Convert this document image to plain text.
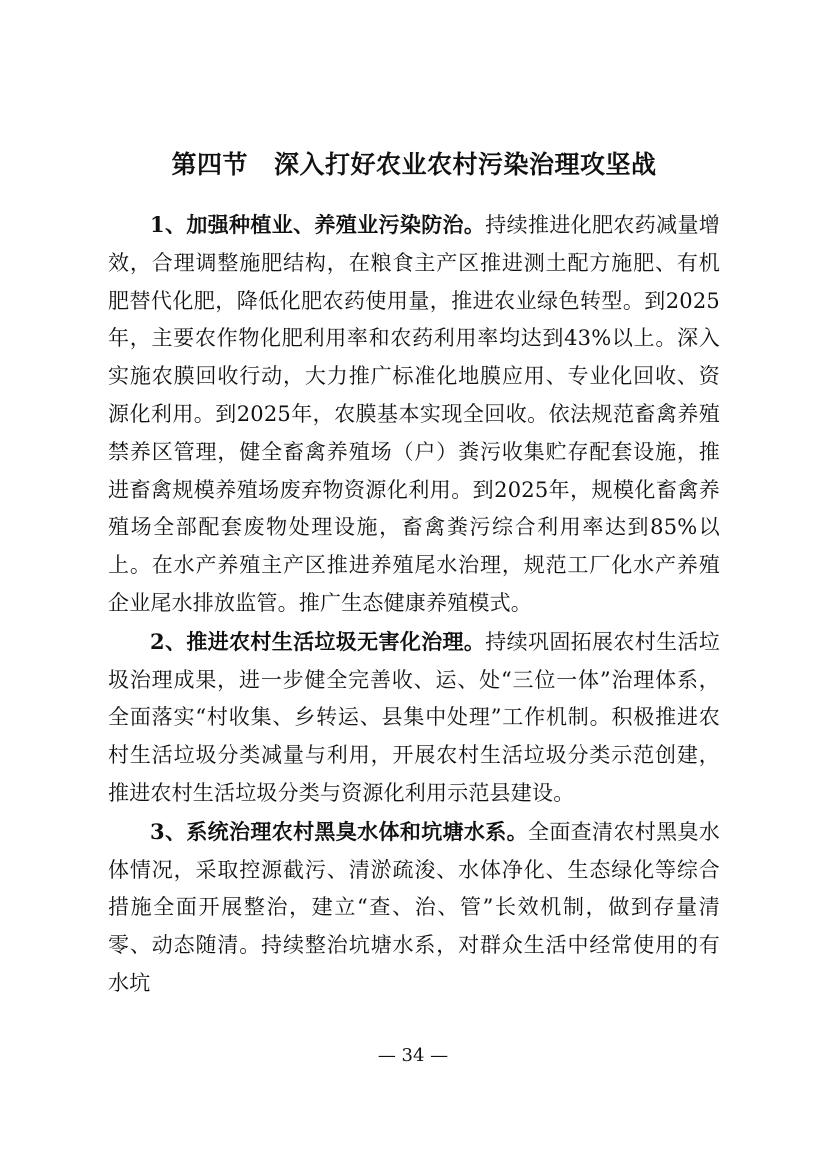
第四节 深入打好农业农村污染治理攻坚战

1、加强种植业、养殖业污染防治。持续推进化肥农药减量增效，合理调整施肥结构，在粮食主产区推进测土配方施肥、有机肥替代化肥，降低化肥农药使用量，推进农业绿色转型。到2025年，主要农作物化肥利用率和农药利用率均达到43%以上。深入实施农膜回收行动，大力推广标准化地膜应用、专业化回收、资源化利用。到2025年，农膜基本实现全回收。依法规范畜禽养殖禁养区管理，健全畜禽养殖场（户）粪污收集贮存配套设施，推进畜禽规模养殖场废弃物资源化利用。到2025年，规模化畜禽养殖场全部配套废物处理设施，畜禽粪污综合利用率达到85%以上。在水产养殖主产区推进养殖尾水治理，规范工厂化水产养殖企业尾水排放监管。推广生态健康养殖模式。

2、推进农村生活垃圾无害化治理。持续巩固拓展农村生活垃圾治理成果，进一步健全完善收、运、处“三位一体”治理体系，全面落实“村收集、乡转运、县集中处理”工作机制。积极推进农村生活垃圾分类减量与利用，开展农村生活垃圾分类示范创建，推进农村生活垃圾分类与资源化利用示范县建设。

3、系统治理农村黑臭水体和坑塘水系。全面查清农村黑臭水体情况，采取控源截污、清淤疏浚、水体净化、生态绿化等综合措施全面开展整治，建立“查、治、管”长效机制，做到存量清零、动态随清。持续整治坑塘水系，对群众生活中经常使用的有水坑

— 34 —
